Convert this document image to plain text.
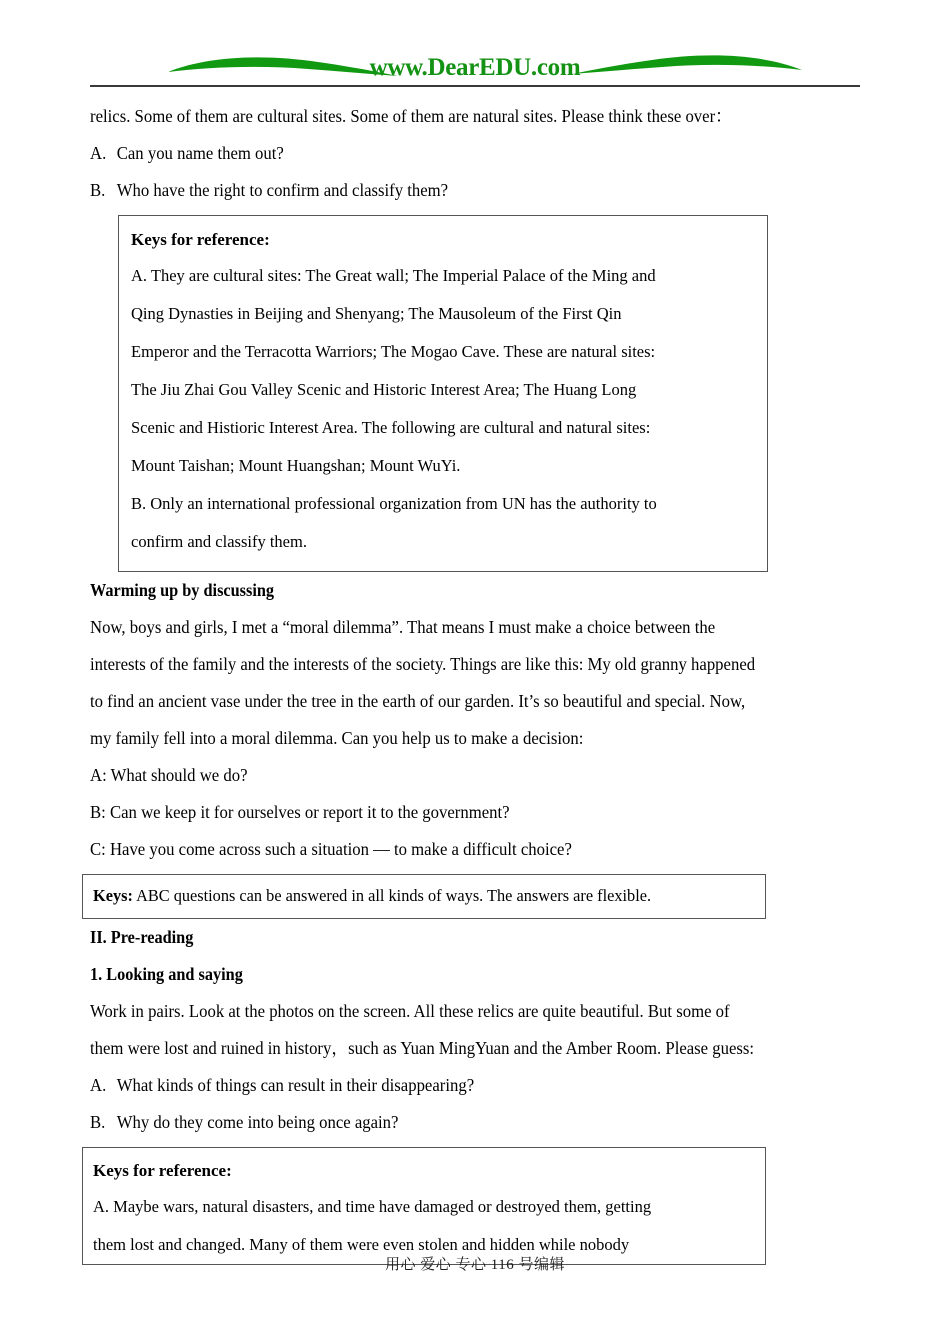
www.DearEDU.com

relics. Some of them are cultural sites. Some of them are natural sites. Please think these over：

A. Can you name them out?

B. Who have the right to confirm and classify them?

Keys for reference:

A. They are cultural sites: The Great wall; The Imperial Palace of the Ming and

Qing Dynasties in Beijing and Shenyang; The Mausoleum of the First Qin

Emperor and the Terracotta Warriors; The Mogao Cave. These are natural sites:

The Jiu Zhai Gou Valley Scenic and Historic Interest Area; The Huang Long

Scenic and Histioric Interest Area. The following are cultural and natural sites:

Mount Taishan; Mount Huangshan; Mount WuYi.

B. Only an international professional organization from UN has the authority to

confirm and classify them.

Warming up by discussing

Now, boys and girls, I met a “moral dilemma”. That means I must make a choice between the

interests of the family and the interests of the society. Things are like this: My old granny happened

to find an ancient vase under the tree in the earth of our garden. It’s so beautiful and special. Now,

my family fell into a moral dilemma. Can you help us to make a decision:

A: What should we do?

B: Can we keep it for ourselves or report it to the government?

C: Have you come across such a situation — to make a difficult choice?

Keys: ABC questions can be answered in all kinds of ways. The answers are flexible.

II. Pre-reading

1. Looking and saying

Work in pairs. Look at the photos on the screen. All these relics are quite beautiful. But some of

them were lost and ruined in history，such as Yuan MingYuan and the Amber Room. Please guess:

A. What kinds of things can result in their disappearing?

B. Why do they come into being once again?

Keys for reference:

A. Maybe wars, natural disasters, and time have damaged or destroyed them, getting

them lost and changed. Many of them were even stolen and hidden while nobody

用心 爱心 专心 116 号编辑
